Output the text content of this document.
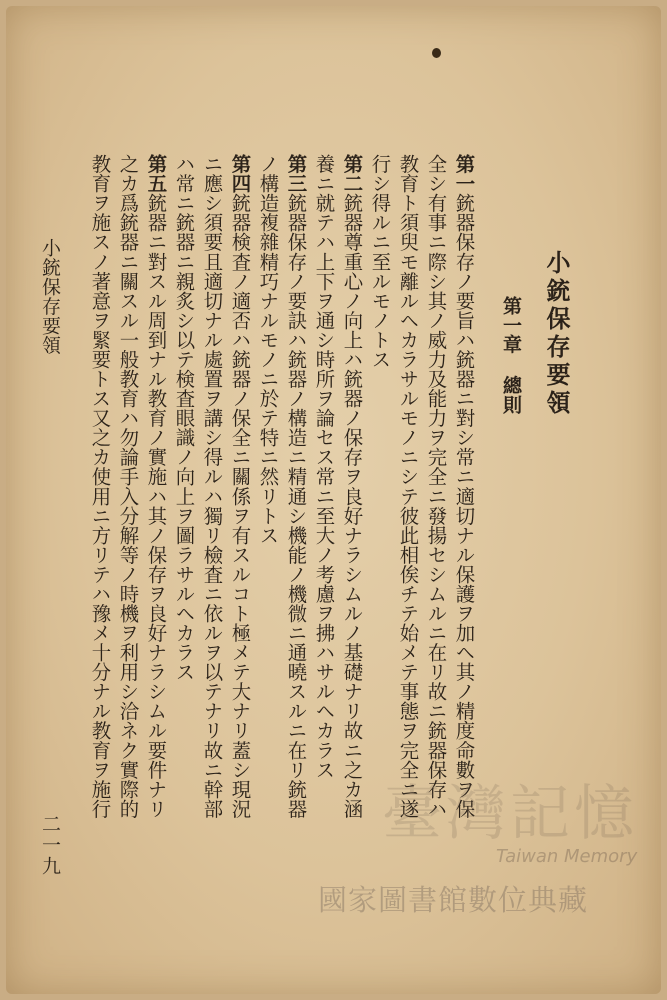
小銃保存要領
第一章總則
第一銃器保存ノ要旨ハ銃器ニ對シ常ニ適切ナル保護ヲ加ヘ其ノ精度命數ヲ保
全シ有事ニ際シ其ノ威力及能力ヲ完全ニ發揚セシムルニ在リ故ニ銃器保存ハ
教育ト須臾モ離ルヘカラサルモノニシテ彼此相俟チテ始メテ事態ヲ完全ニ遂
行シ得ルニ至ルモノトス
第二銃器尊重心ノ向上ハ銃器ノ保存ヲ良好ナラシムルノ基礎ナリ故ニ之カ涵
養ニ就テハ上下ヲ通シ時所ヲ論セス常ニ至大ノ考慮ヲ拂ハサルヘカラス
第三銃器保存ノ要訣ハ銃器ノ構造ニ精通シ機能ノ機微ニ通曉スルニ在リ銃器
ノ構造複雜精巧ナルモノニ於テ特ニ然リトス
第四銃器検査ノ適否ハ銃器ノ保全ニ關係ヲ有スルコト極メテ大ナリ蓋シ現況
ニ應シ須要且適切ナル處置ヲ講シ得ルハ獨リ檢査ニ依ルヲ以テナリ故ニ幹部
ハ常ニ銃器ニ親炙シ以テ検査眼識ノ向上ヲ圖ラサルヘカラス
第五銃器ニ對スル周到ナル教育ノ實施ハ其ノ保存ヲ良好ナラシムル要件ナリ
之カ爲銃器ニ關スル一般教育ハ勿論手入分解等ノ時機ヲ利用シ洽ネク實際的
教育ヲ施スノ著意ヲ緊要トス又之カ使用ニ方リテハ豫メ十分ナル教育ヲ施行
小銃保存要領
二一九	臺灣記憶
Taiwan Memory
國家圖書館數位典藏
